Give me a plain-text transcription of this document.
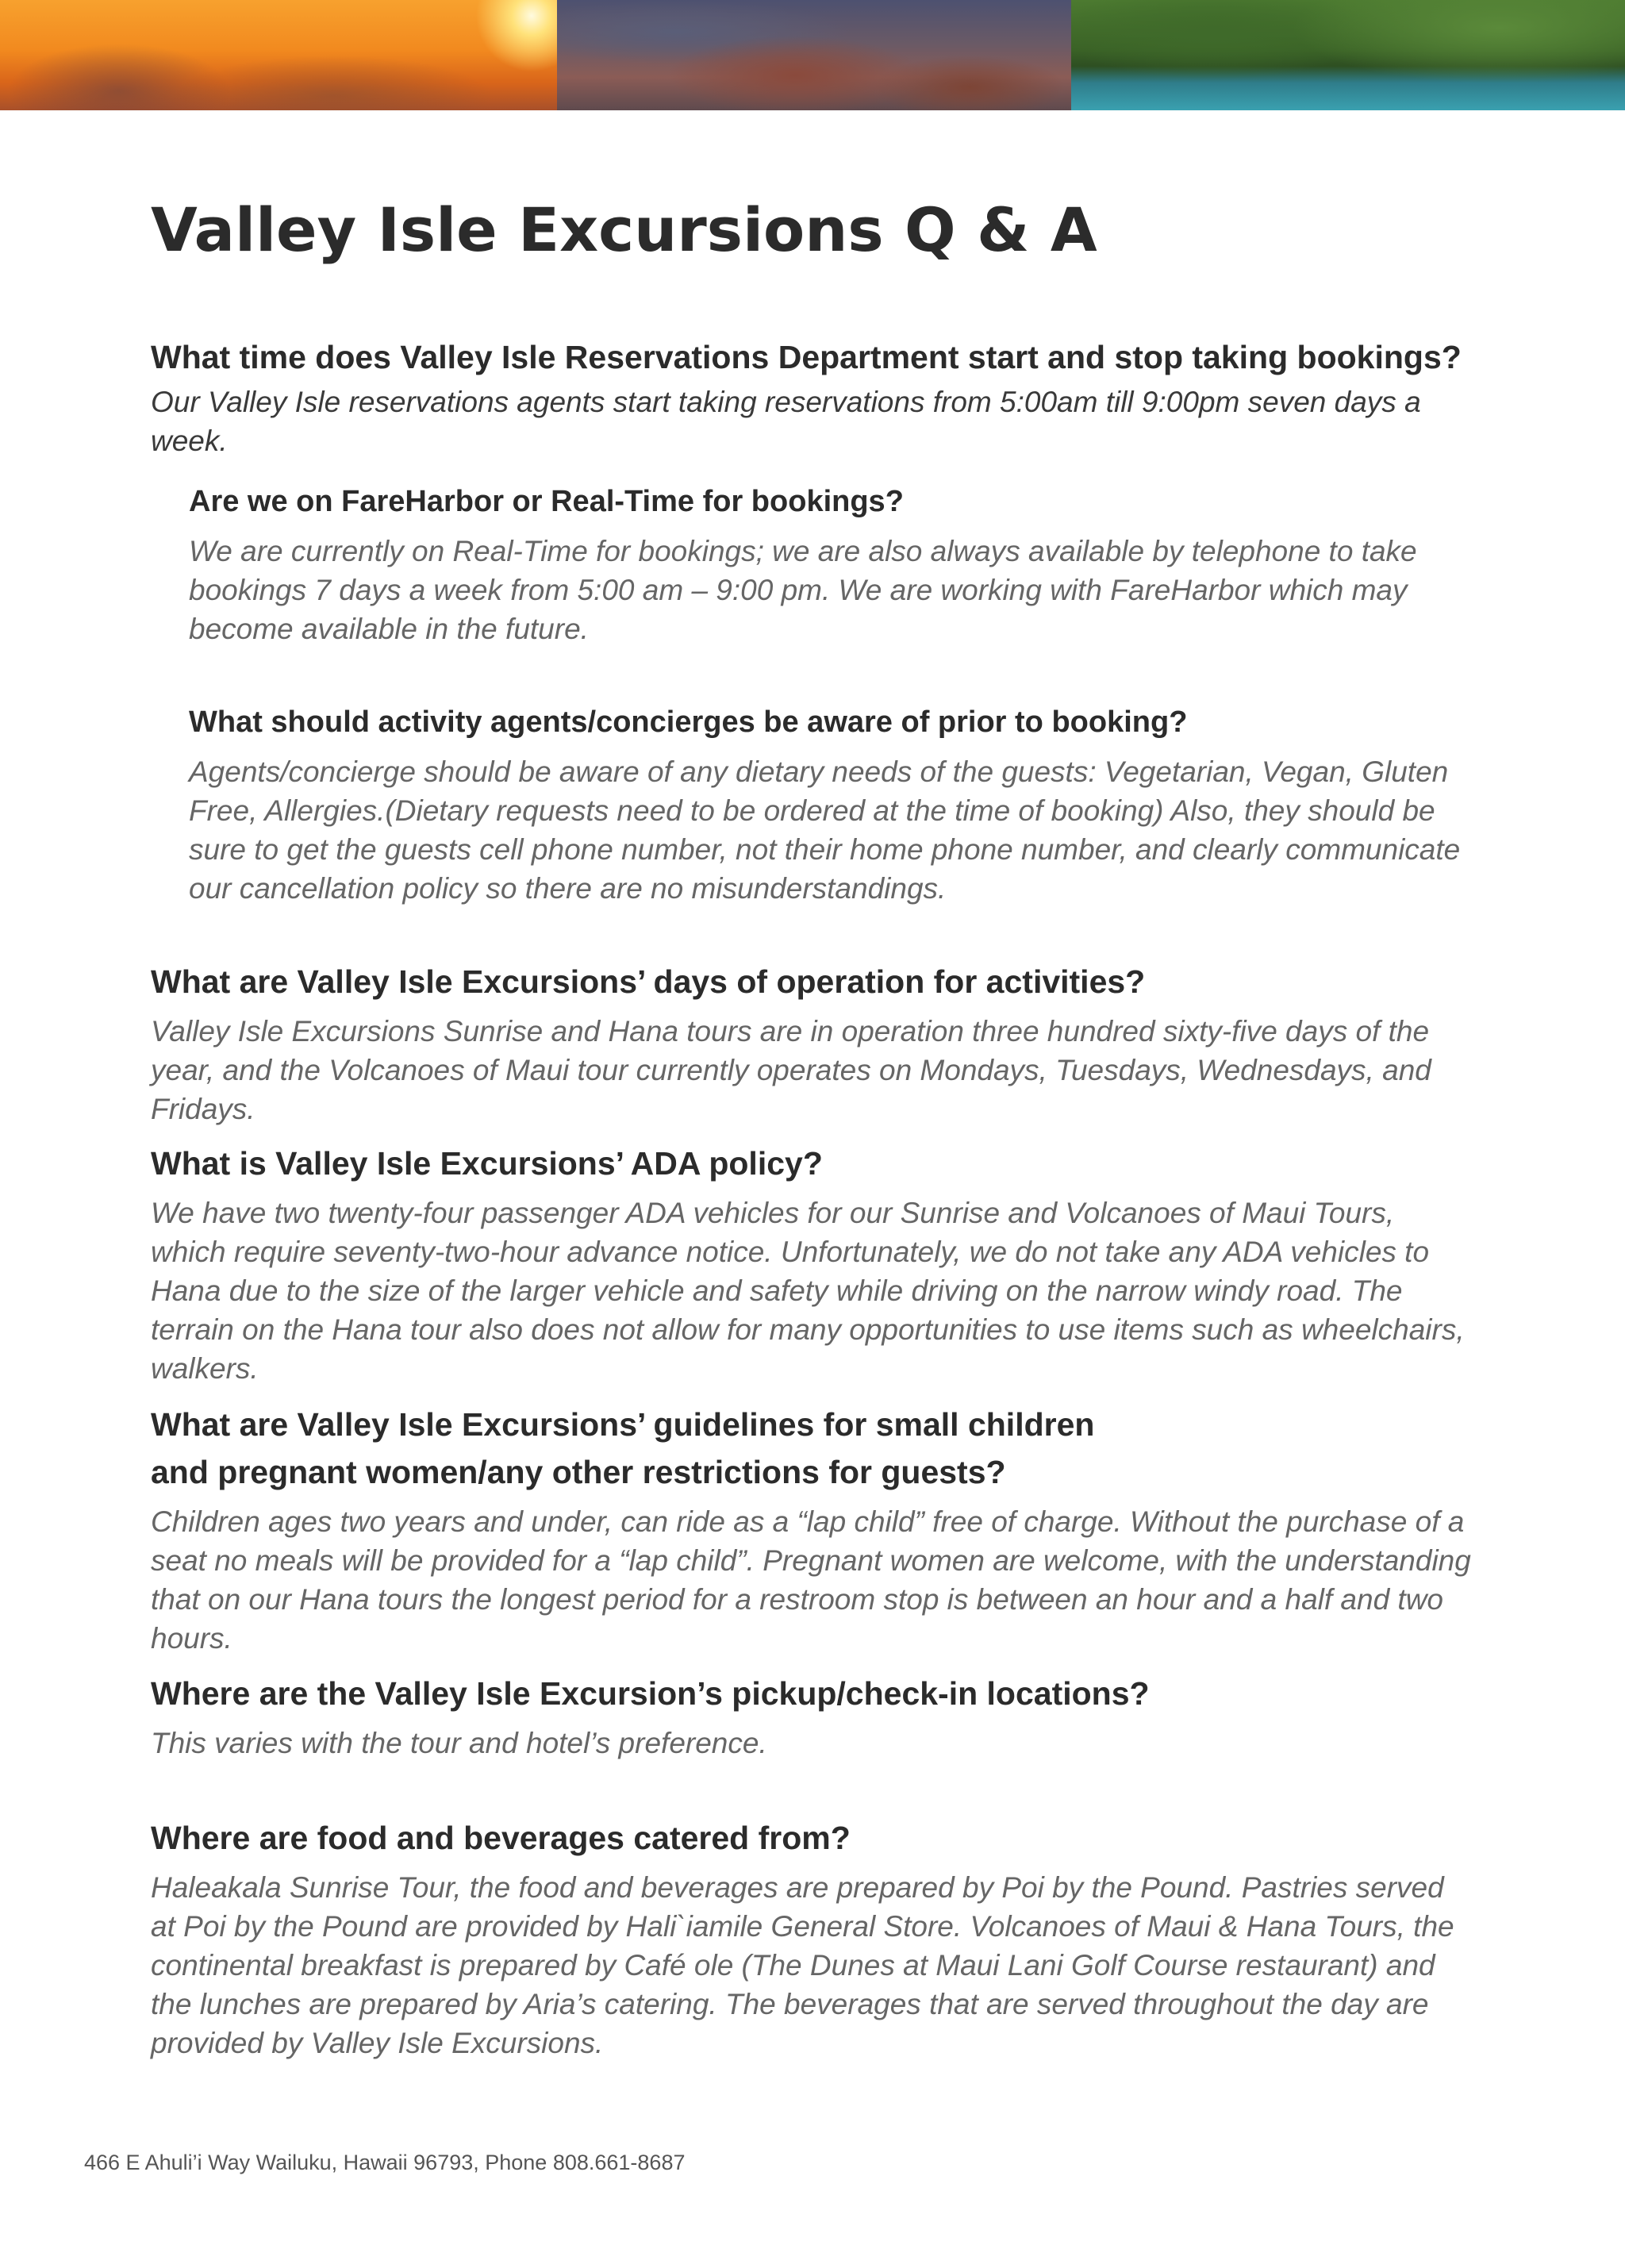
Valley Isle Excursions Q & A

What time does Valley Isle Reservations Department start and stop taking bookings?

Our Valley Isle reservations agents start taking reservations from 5:00am till 9:00pm seven days a week.

Are we on FareHarbor or Real-Time for bookings?

We are currently on Real-Time for bookings; we are also always available by telephone to take bookings 7 days a week from 5:00 am – 9:00 pm. We are working with FareHarbor which may become available in the future.

What should activity agents/concierges be aware of prior to booking?

Agents/concierge should be aware of any dietary needs of the guests: Vegetarian, Vegan, Gluten Free, Allergies.(Dietary requests need to be ordered at the time of booking) Also, they should be sure to get the guests cell phone number, not their home phone number, and clearly communicate our cancellation policy so there are no misunderstandings.

What are Valley Isle Excursions’ days of operation for activities?

Valley Isle Excursions Sunrise and Hana tours are in operation three hundred sixty-five days of the year, and the Volcanoes of Maui tour currently operates on Mondays, Tuesdays, Wednesdays, and Fridays.

What is Valley Isle Excursions’ ADA policy?

We have two twenty-four passenger ADA vehicles for our Sunrise and Volcanoes of Maui Tours, which require seventy-two-hour advance notice. Unfortunately, we do not take any ADA vehicles to Hana due to the size of the larger vehicle and safety while driving on the narrow windy road. The terrain on the Hana tour also does not allow for many opportunities to use items such as wheelchairs, walkers.

What are Valley Isle Excursions’ guidelines for small children

and pregnant women/any other restrictions for guests?

Children ages two years and under, can ride as a “lap child” free of charge. Without the purchase of a seat no meals will be provided for a “lap child”. Pregnant women are welcome, with the understanding that on our Hana tours the longest period for a restroom stop is between an hour and a half and two hours.

Where are the Valley Isle Excursion’s pickup/check-in locations?

This varies with the tour and hotel’s preference.

Where are food and beverages catered from?

Haleakala Sunrise Tour, the food and beverages are prepared by Poi by the Pound. Pastries served at Poi by the Pound are provided by Hali`iamile General Store. Volcanoes of Maui & Hana Tours, the continental breakfast is prepared by Café ole (The Dunes at Maui Lani Golf Course restaurant) and the lunches are prepared by Aria’s catering. The beverages that are served throughout the day are provided by Valley Isle Excursions.

466 E Ahuli’i Way Wailuku, Hawaii 96793, Phone 808.661-8687
